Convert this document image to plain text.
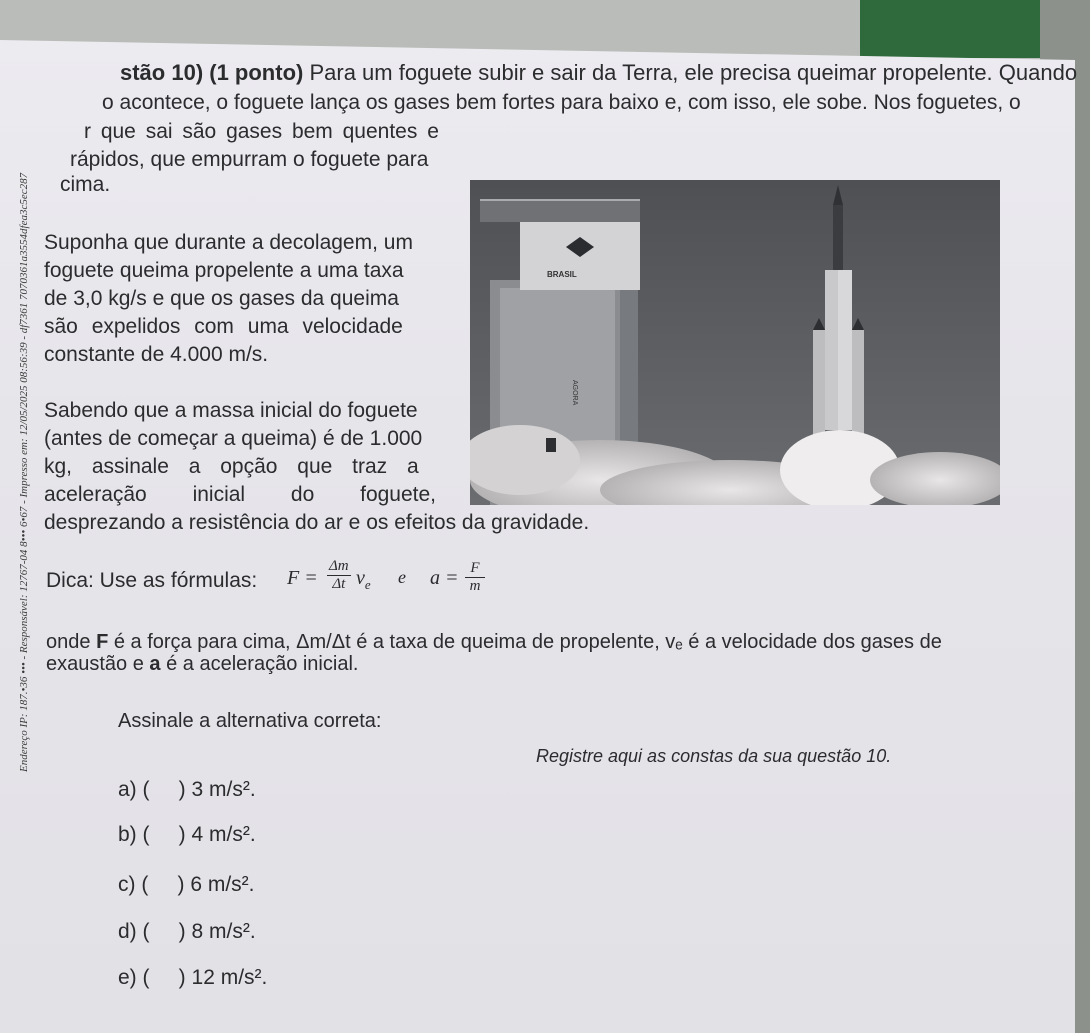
Endereço IP: 187.•36 ••• - Responsável: 12767-04 8••• 6•67 - Impresso em: 12/05/2025 08:56:39 - df7361 7070361a3554dfea3c5ec287
stão 10) (1 ponto) Para um foguete subir e sair da Terra, ele precisa queimar propelente. Quando
o acontece, o foguete lança os gases bem fortes para baixo e, com isso, ele sobe. Nos foguetes, o
r que sai são gases bem quentes e
rápidos, que empurram o foguete para
cima.
Suponha que durante a decolagem, um
foguete queima propelente a uma taxa
de 3,0 kg/s e que os gases da queima
são expelidos com uma velocidade
constante de 4.000 m/s.
Sabendo que a massa inicial do foguete
(antes de começar a queima) é de 1.000
kg, assinale a opção que traz a
aceleração inicial do foguete,
desprezando a resistência do ar e os efeitos da gravidade.
BRASIL
AGORA
Dica: Use as fórmulas: $F = \frac{\Delta m}{\Delta t} v_e$ e $a = \frac{F}{m}$
onde F é a força para cima, Δm/Δt é a taxa de queima de propelente, vₑ é a velocidade dos gases de
exaustão e a é a aceleração inicial.
Assinale a alternativa correta:
Registre aqui as constas da sua questão 10.
a) (     ) 3 m/s².
b) (     ) 4 m/s².
c) (     ) 6 m/s².
d) (     ) 8 m/s².
e) (     ) 12 m/s².
